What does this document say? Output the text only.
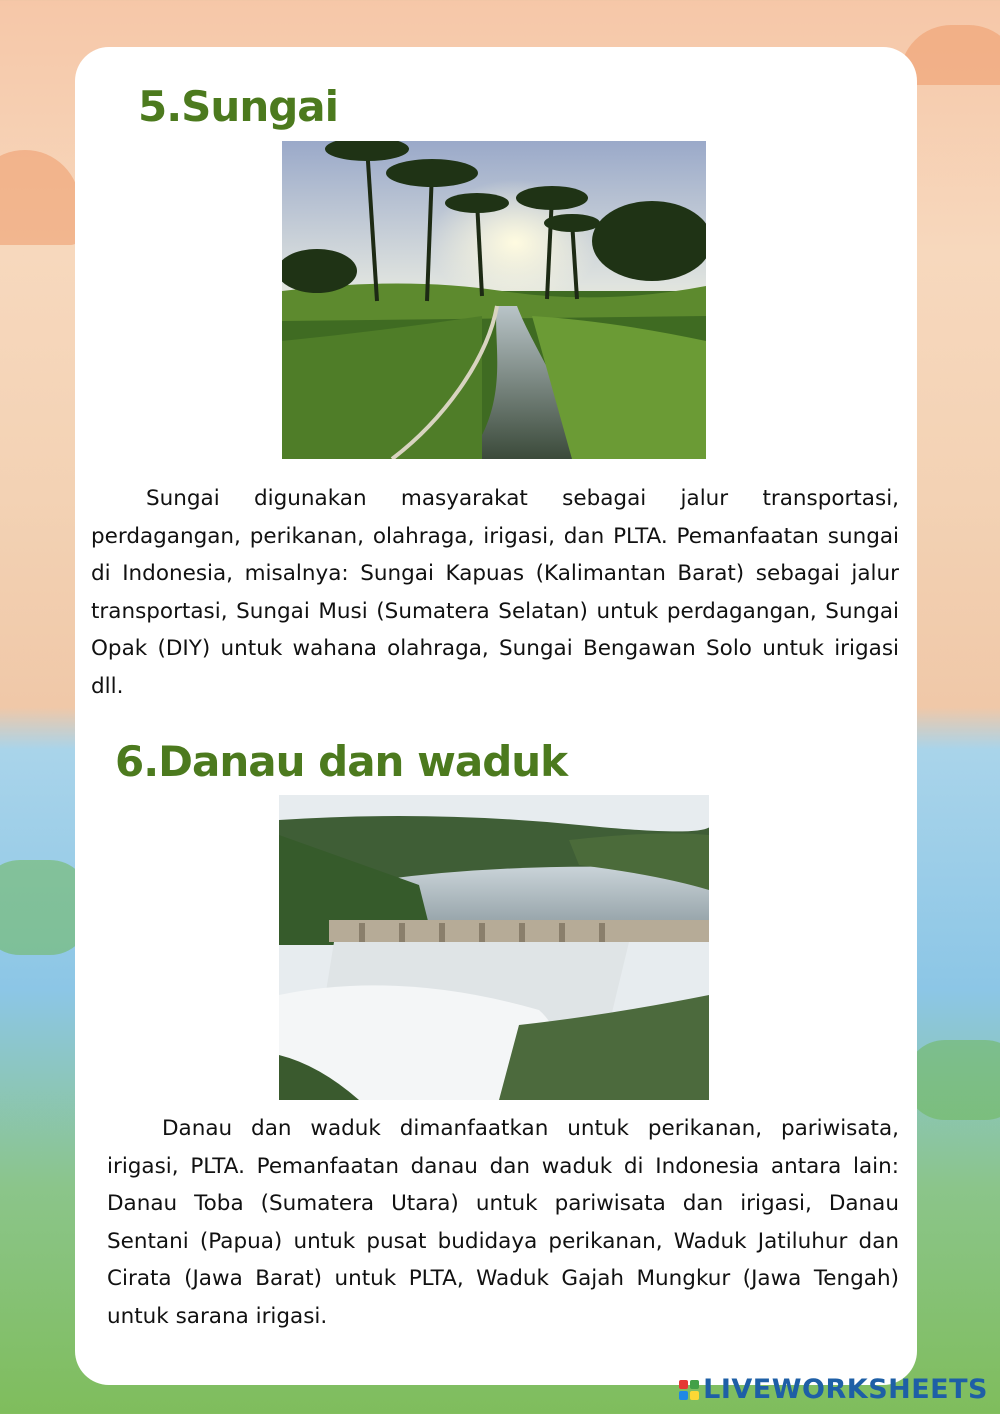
5.Sungai

Sungai digunakan masyarakat sebagai jalur transportasi, perdagangan, perikanan, olahraga, irigasi, dan PLTA. Pemanfaatan sungai di Indonesia, misalnya: Sungai Kapuas (Kalimantan Barat) sebagai jalur transportasi, Sungai Musi (Sumatera Selatan) untuk perdagangan, Sungai Opak (DIY) untuk wahana olahraga, Sungai Bengawan Solo untuk irigasi dll.

6.Danau dan waduk

Danau dan waduk dimanfaatkan untuk perikanan, pariwisata, irigasi, PLTA. Pemanfaatan danau dan waduk di Indonesia antara lain: Danau Toba (Sumatera Utara) untuk pariwisata dan irigasi, Danau Sentani (Papua) untuk pusat budidaya perikanan, Waduk Jatiluhur dan Cirata (Jawa Barat) untuk PLTA, Waduk Gajah Mungkur (Jawa Tengah) untuk sarana irigasi.

LIVEWORKSHEETS
